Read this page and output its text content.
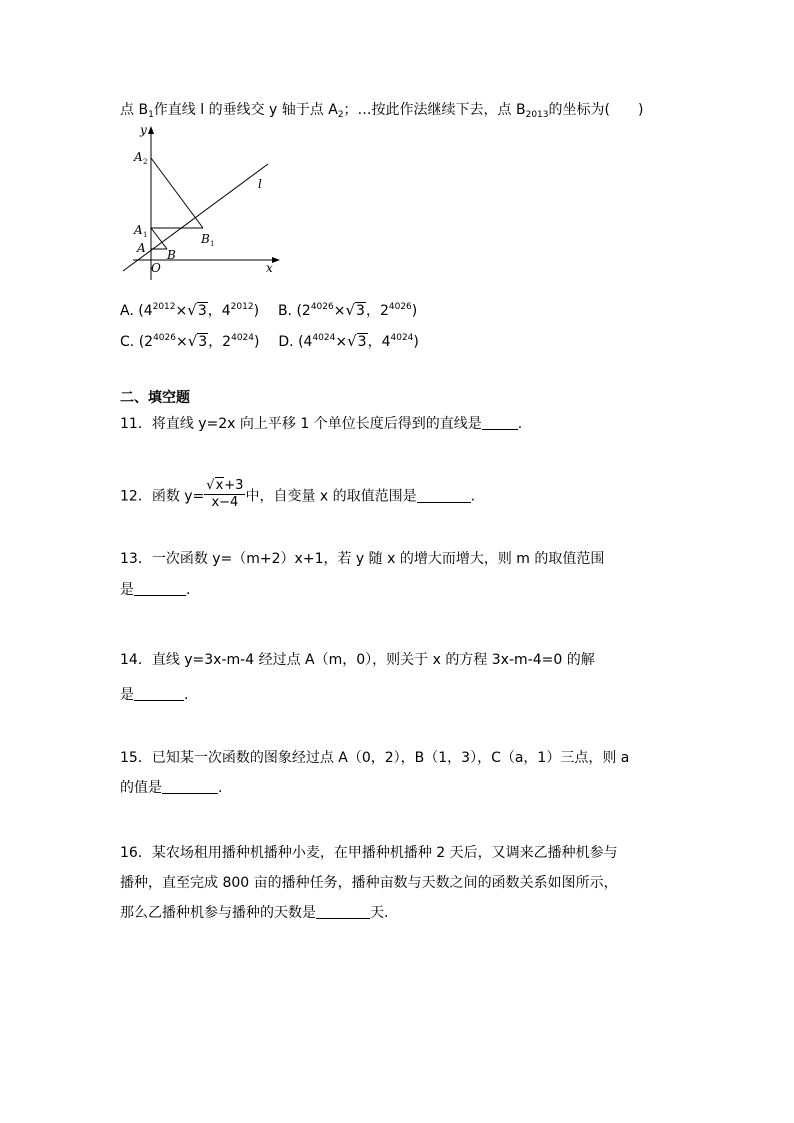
点 $B_1$作直线 l 的垂线交 y 轴于点 $A_2$；…按此作法继续下去，点 $B_{2013}$的坐标为(　　)
y
x
l
O
A B
A 1
A 2
B 1
A. ($4^{2012}\times√3$，$4^{2012}$) B. ($2^{4026}\times√3$，$2^{4026}$)
C. ($2^{4026}\times√3$，$2^{4024}$) D. ($4^{4024}\times√3$，$4^{4024}$)
二、填空题
11．将直线 y=2x 向上平移 1 个单位长度后得到的直线是	.
12．函数 $y= \frac{√x+3}{x-4}$ 中，自变量 x 的取值范围是	.
13．一次函数 y=（m+2）x+1，若 y 随 x 的增大而增大，则 m 的取值范围
是	.
14．直线 y=3x-m-4 经过点 A（m，0），则关于 x 的方程 3x-m-4=0 的解
是	.
15．已知某一次函数的图象经过点 A（0，2），B（1，3），C（a，1）三点，则 a
的值是	.
16．某农场租用播种机播种小麦，在甲播种机播种 2 天后，又调来乙播种机参与
播种，直至完成 800 亩的播种任务，播种亩数与天数之间的函数关系如图所示，
那么乙播种机参与播种的天数是	天.
